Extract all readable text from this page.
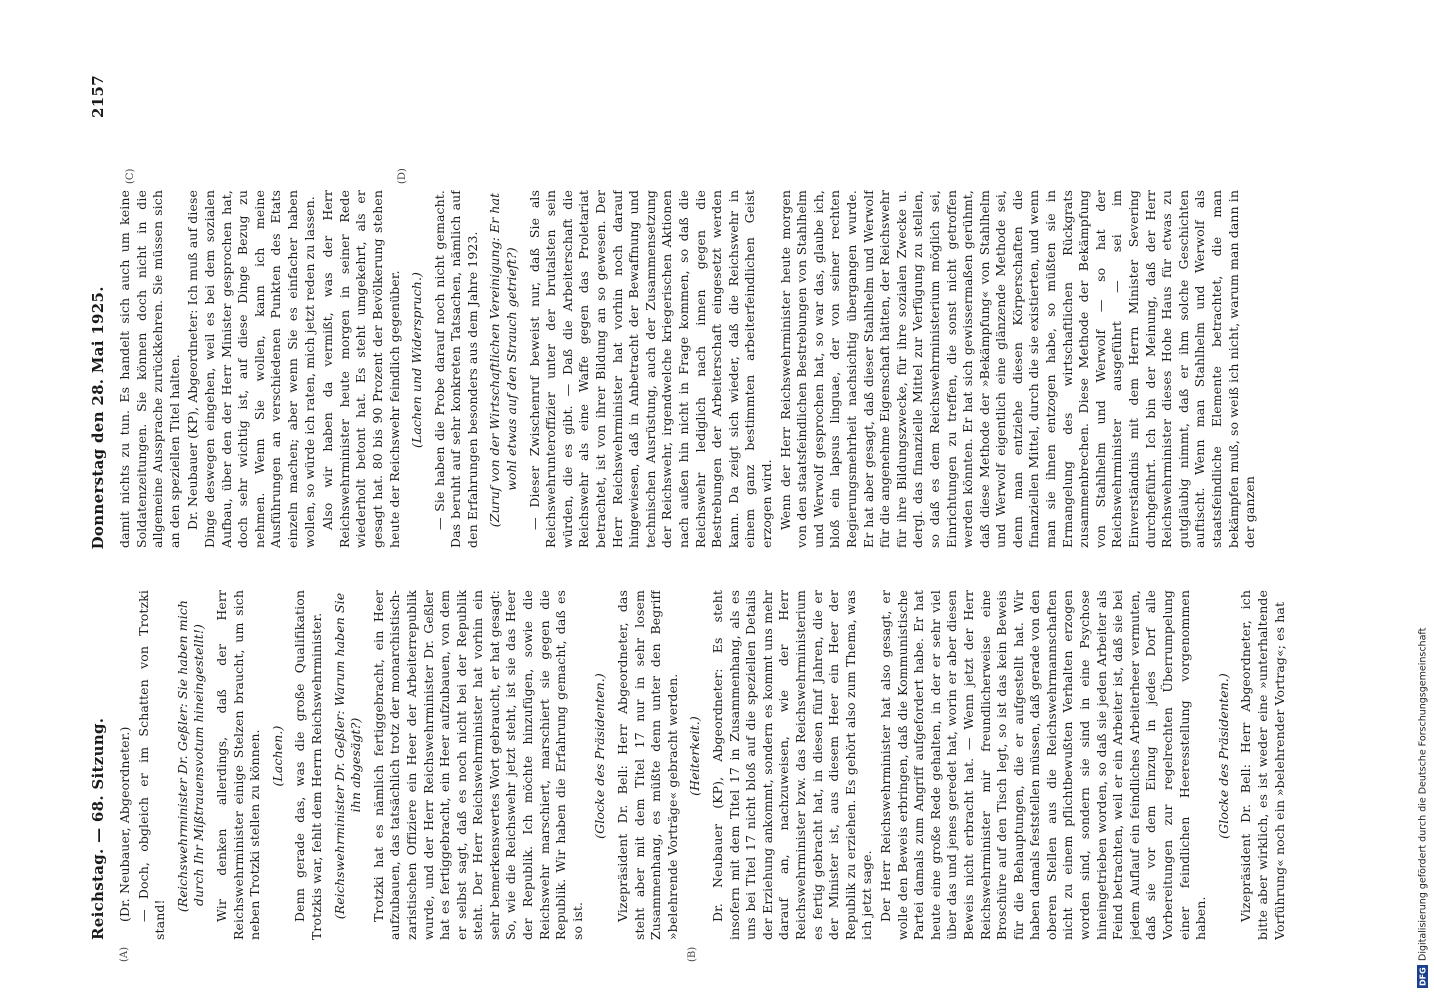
Reichstag. — 68. Sitzung.
Donnerstag den 28. Mai 1925.
2157
(A)	(B)
(C)	(D)

(Dr. Neubauer, Abgeordneter.) — Doch, obgleich er im Schatten von Trotzki stand!

(Reichswehrminister Dr. Geßler: Sie haben mich durch Ihr Mißtrauensvotum hineingestellt!) Wir denken allerdings, daß der Herr Reichswehrminister einige Stelzen braucht, um sich neben Trotzki stellen zu können. (Lachen.) Denn gerade das, was die große Qualifikation Trotzkis war, fehlt dem Herrn Reichswehrminister. (Reichswehrminister Dr. Geßler: Warum haben Sie ihn abgesägt?) Trotzki hat es nämlich fertiggebracht, ein Heer aufzubauen, das tatsächlich trotz der monarchistisch-zaristischen Offiziere ein Heer der Arbeiterrepublik wurde, und der Herr Reichswehrminister Dr. Geßler hat es fertiggebracht, ein Heer aufzubauen, von dem er selbst sagt, daß es noch nicht bei der Republik steht. Der Herr Reichswehrminister hat vorhin ein sehr bemerkenswertes Wort gebraucht, er hat gesagt: So, wie die Reichswehr jetzt steht, ist sie das Heer der Republik. Ich möchte hinzufügen, sowie die Reichswehr marschiert, marschiert sie gegen die Republik. Wir haben die Erfahrung gemacht, daß es so ist.

(Glocke des Präsidenten.) Vizepräsident Dr. Bell: Herr Abgeordneter, das steht aber mit dem Titel 17 nur in sehr losem Zusammenhang, es müßte denn unter den Begriff »belehrende Vorträge« gebracht werden. (Heiterkeit.) Dr. Neubauer (KP), Abgeordneter: Es steht insofern mit dem Titel 17 in Zusammenhang, als es uns bei Titel 17 nicht bloß auf die speziellen Details der Erziehung ankommt, sondern es kommt uns mehr darauf an, nachzuweisen, wie der Herr Reichswehrminister bzw. das Reichswehrministerium es fertig gebracht hat, in diesen fünf Jahren, die er der Minister ist, aus diesem Heer ein Heer der Republik zu erziehen. Es gehört also zum Thema, was ich jetzt sage. Der Herr Reichswehrminister hat also gesagt, er wolle den Beweis erbringen, daß die Kommunistische Partei damals zum Angriff aufgefordert habe. Er hat heute eine große Rede gehalten, in der er sehr viel über das und jenes geredet hat, worin er aber diesen Beweis nicht erbracht hat. — Wenn jetzt der Herr Reichswehrminister mir freundlicherweise eine Broschüre auf den Tisch legt, so ist das kein Beweis für die Behauptungen, die er aufgestellt hat. Wir haben damals feststellen müssen, daß gerade von den oberen Stellen aus die Reichswehrmannschaften nicht zu einem pflichtbewußten Verhalten erzogen worden sind, sondern sie sind in eine Psychose hineingetrieben worden, so daß sie jeden Arbeiter als Feind betrachten, weil er ein Arbeiter ist, daß sie bei jedem Auflauf ein feindliches Arbeiterheer vermuten, daß sie vor dem Einzug in jedes Dorf alle Vorbereitungen zur regelrechten Überrumpelung einer feindlichen Heeresstellung vorgenommen haben.

(Glocke des Präsidenten.) Vizepräsident Dr. Bell: Herr Abgeordneter, ich bitte aber wirklich, es ist weder eine »unterhaltende Vorführung« noch ein »belehrender Vortrag«; es hat

damit nichts zu tun. Es handelt sich auch um keine Soldatenzeitungen. Sie können doch nicht in die allgemeine Aussprache zurückkehren. Sie müssen sich an den speziellen Titel halten. Dr. Neubauer (KP), Abgeordneter: Ich muß auf diese Dinge deswegen eingehen, weil es bei dem sozialen Aufbau, über den der Herr Minister gesprochen hat, doch sehr wichtig ist, auf diese Dinge Bezug zu nehmen. Wenn Sie wollen, kann ich meine Ausführungen an verschiedenen Punkten des Etats einzeln machen; aber wenn Sie es einfacher haben wollen, so würde ich raten, mich jetzt reden zu lassen. Also wir haben da vermißt, was der Herr Reichswehrminister heute morgen in seiner Rede wiederholt betont hat. Es steht umgekehrt, als er gesagt hat. 80 bis 90 Prozent der Bevölkerung stehen heute der Reichswehr feindlich gegenüber. (Lachen und Widerspruch.) — Sie haben die Probe darauf noch nicht gemacht. Das beruht auf sehr konkreten Tatsachen, nämlich auf den Erfahrungen besonders aus dem Jahre 1923. (Zuruf von der Wirtschaftlichen Vereinigung: Er hat wohl etwas auf den Strauch getrieft?) — Dieser Zwischenruf beweist nur, daß Sie als Reichswehrunteroffizier unter der brutalsten sein würden, die es gibt. — Daß die Arbeiterschaft die Reichswehr als eine Waffe gegen das Proletariat betrachtet, ist von ihrer Bildung an so gewesen. Der Herr Reichswehrminister hat vorhin noch darauf hingewiesen, daß in Anbetracht der Bewaffnung und technischen Ausrüstung, auch der Zusammensetzung der Reichswehr, irgendwelche kriegerischen Aktionen nach außen hin nicht in Frage kommen, so daß die Reichswehr lediglich nach innen gegen die Bestrebungen der Arbeiterschaft eingesetzt werden kann. Da zeigt sich wieder, daß die Reichswehr in einem ganz bestimmten arbeiterfeindlichen Geist erzogen wird. Wenn der Herr Reichswehrminister heute morgen von den staatsfeindlichen Bestrebungen von Stahlhelm und Werwolf gesprochen hat, so war das, glaube ich, bloß ein lapsus linguae, der von seiner rechten Regierungsmehrheit nachsichtig übergangen wurde. Er hat aber gesagt, daß dieser Stahlhelm und Werwolf für die angenehme Eigenschaft hätten, der Reichswehr für ihre Bildungszwecke, für ihre sozialen Zwecke u. dergl. das finanzielle Mittel zur Verfügung zu stellen, so daß es dem Reichswehrministerium möglich sei, Einrichtungen zu treffen, die sonst nicht getroffen werden könnten. Er hat sich gewissermaßen gerühmt, daß diese Methode der »Bekämpfung« von Stahlhelm und Werwolf eigentlich eine glänzende Methode sei, denn man entziehe diesen Körperschaften die finanziellen Mittel, durch die sie existierten, und wenn man sie ihnen entzogen habe, so müßten sie in Ermangelung des wirtschaftlichen Rückgrats zusammenbrechen. Diese Methode der Bekämpfung von Stahlhelm und Werwolf — so hat der Reichswehrminister ausgeführt — sei im Einverständnis mit dem Herrn Minister Severing durchgeführt. Ich bin der Meinung, daß der Herr Reichswehrminister dieses Hohe Haus für etwas zu gutgläubig nimmt, daß er ihm solche Geschichten auftischt. Wenn man Stahlhelm und Werwolf als staatsfeindliche Elemente betrachtet, die man bekämpfen muß, so weiß ich nicht, warum man dann in der ganzen

DFG
Digitalisierung gefördert durch die Deutsche Forschungsgemeinschaft
